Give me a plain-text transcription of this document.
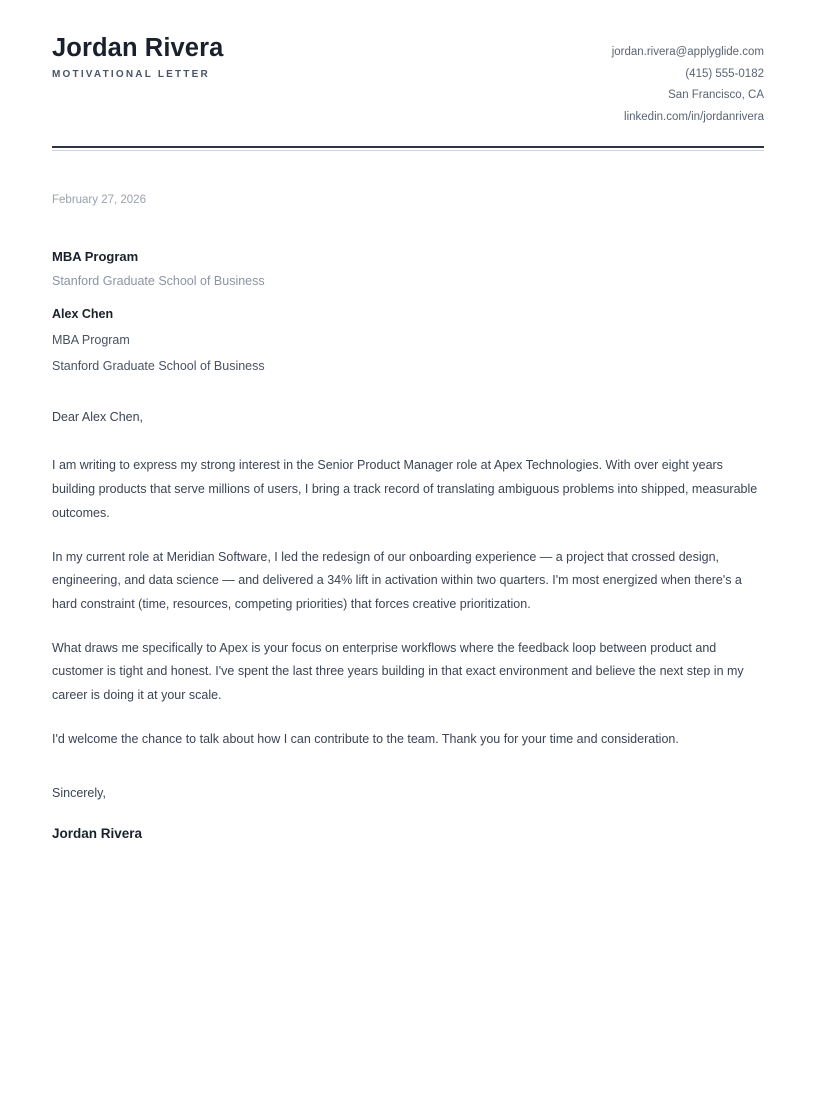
Jordan Rivera
MOTIVATIONAL LETTER
jordan.rivera@applyglide.com
(415) 555-0182
San Francisco, CA
linkedin.com/in/jordanrivera
February 27, 2026
MBA Program
Stanford Graduate School of Business
Alex Chen
MBA Program
Stanford Graduate School of Business
Dear Alex Chen,

I am writing to express my strong interest in the Senior Product Manager role at Apex Technologies. With over eight years building products that serve millions of users, I bring a track record of translating ambiguous problems into shipped, measurable outcomes.

In my current role at Meridian Software, I led the redesign of our onboarding experience — a project that crossed design, engineering, and data science — and delivered a 34% lift in activation within two quarters. I'm most energized when there's a hard constraint (time, resources, competing priorities) that forces creative prioritization.

What draws me specifically to Apex is your focus on enterprise workflows where the feedback loop between product and customer is tight and honest. I've spent the last three years building in that exact environment and believe the next step in my career is doing it at your scale.

I'd welcome the chance to talk about how I can contribute to the team. Thank you for your time and consideration.

Sincerely,
Jordan Rivera
